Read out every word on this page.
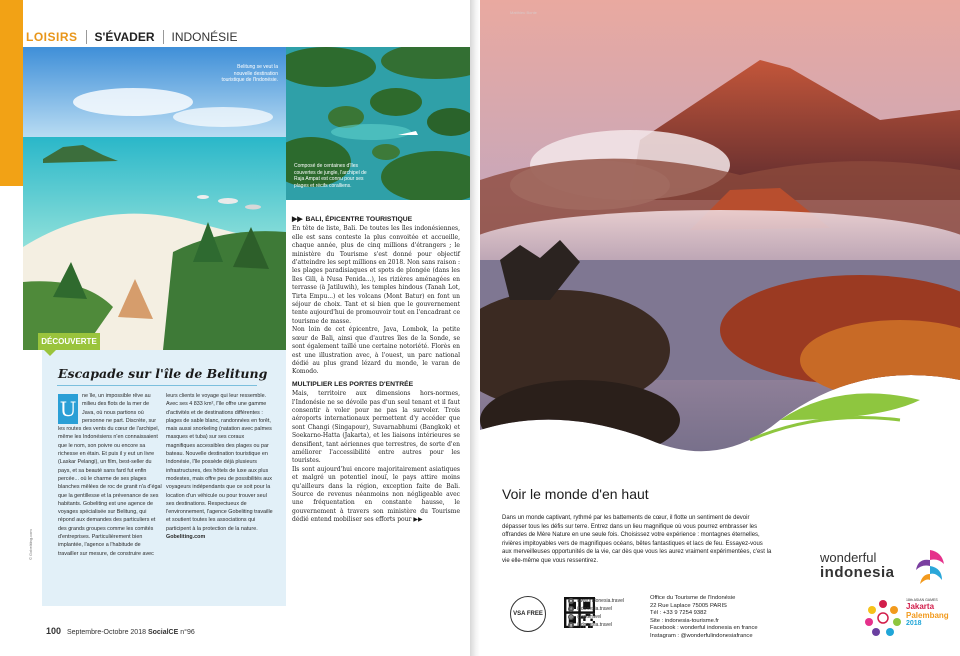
LOISIRS S'ÉVADER INDONÉSIE
Belitung se veut la nouvelle destination touristique de l'Indonésie.
Composé de centaines d'îles couvertes de jungle, l'archipel de Raja Ampat est connu pour ses plages et récifs coralliens.
Escapade sur l'île de Belitung
U
ne île, un impossible rêve au milieu des flots de la mer de Java, où nous partions où personne ne part. Discrète, sur les routes des vents du cœur de l'archipel, même les Indonésiens n'en connaissaient que le nom, son poivre ou encore sa richesse en étain. Et puis il y eut un livre (Laskar Pelangi), un film, best-seller du pays, et sa beauté sans fard fut enfin percée... où le charme de ses plages blanches mêlées de roc de granit n'a d'égal que la gentillesse et la prévenance de ses habitants. Gobeliting est une agence de voyages spécialisée sur Belitung, qui répond aux demandes des particuliers et des grands groupes comme les comités d'entreprises. Particulièrement bien implantée, l'agence a l'habitude de travailler sur mesure, de construire avec
leurs clients le voyage qui leur ressemble. Avec ses 4 833 km², l'île offre une gamme d'activités et de destinations différentes : plages de sable blanc, randonnées en forêt, mais aussi snorkeling (natation avec palmes masques et tuba) sur ses coraux magnifiques accessibles des plages ou par bateau. Nouvelle destination touristique en Indonésie, l'île possède déjà plusieurs infrastructures, des hôtels de luxe aux plus modestes, mais offre peu de possibilités aux voyageurs indépendants que ce soit pour la location d'un véhicule ou pour trouver seul ses destinations. Respectueux de l'environnement, l'agence Gobeliting travaille et soutient toutes les associations qui participent à la protection de la nature.
Gobeliting.com
DÉCOUVERTE
© Gobeliting.com
▶▶ BALI, ÉPICENTRE TOURISTIQUE

En tête de liste, Bali. De toutes les îles indonésiennes, elle est sans conteste la plus convoitée et accueille, chaque année, plus de cinq millions d'étrangers ; le ministère du Tourisme s'est donné pour objectif d'atteindre les sept millions en 2018. Non sans raison : les plages paradisiaques et spots de plongée (dans les îles Gili, à Nusa Penida...), les rizières aménagées en terrasse (à Jatiluwih), les temples hindous (Tanah Lot, Tirta Empu...) et les volcans (Mont Batur) en font un séjour de choix. Tant et si bien que le gouvernement tente aujourd'hui de promouvoir tout en l'encadrant ce tourisme de masse.

Non loin de cet épicentre, Java, Lombok, la petite sœur de Bali, ainsi que d'autres îles de la Sonde, se sont également taillé une certaine notoriété. Florès en est une illustration avec, à l'ouest, un parc national dédié au plus grand lézard du monde, le varan de Komodo.

MULTIPLIER LES PORTES D'ENTRÉE

Mais, territoire aux dimensions hors-normes, l'Indonésie ne se dévoile pas d'un seul tenant et il faut consentir à voler pour ne pas la survoler. Trois aéroports internationaux permettent d'y accéder que sont Changi (Singapour), Suvarnabhumi (Bangkok) et Soekarno-Hatta (Jakarta), et les liaisons intérieures se densifient, tant aériennes que terrestres, de sorte d'en améliorer l'accessibilité entre autres pour les touristes.

Ils sont aujourd'hui encore majoritairement asiatiques et malgré un potentiel inouï, le pays attire moins qu'ailleurs dans la région, exception faite de Bali. Source de revenus néanmoins non négligeable avec une fréquentation en constante hausse, le gouvernement à travers son ministère du Tourisme dédié entend mobiliser ses efforts pour ▶▶

100 Septembre-Octobre 2018 SocialCE n°96
Matthieu Bonte
Voir le monde d'en haut
Dans un monde captivant, rythmé par les battements de cœur, il flotte un sentiment de devoir dépasser tous les défis sur terre. Entrez dans un lieu magnifique où vous pourrez embrasser les offrandes de Mère Nature en une seule fois. Choisissez votre expérience : montagnes éternelles, rivières impitoyables vers de magnifiques océans, bêtes fantastiques et lacs de feu. Essayez-vous aux merveilleuses opportunités de la vie, car dès que vous les aurez vraiment expérimentées, c'est la vie elle-même que vous ressentirez.
VSA FREE
● www.indonesia.travel
f	indonesia.travel
◎ @mdtravel
g indonesia.travel
Office du Tourisme de l'Indonésie
22 Rue Laplace 75005 PARIS
Tél : +33 9 7254 9382
Site : indonesia-tourisme.fr
Facebook : wonderful indonesia en france
Instagram : @wonderfulindonesiafrance
wonderful
indonesia
18th ASIAN GAMES
Jakarta
Palembang
2018
